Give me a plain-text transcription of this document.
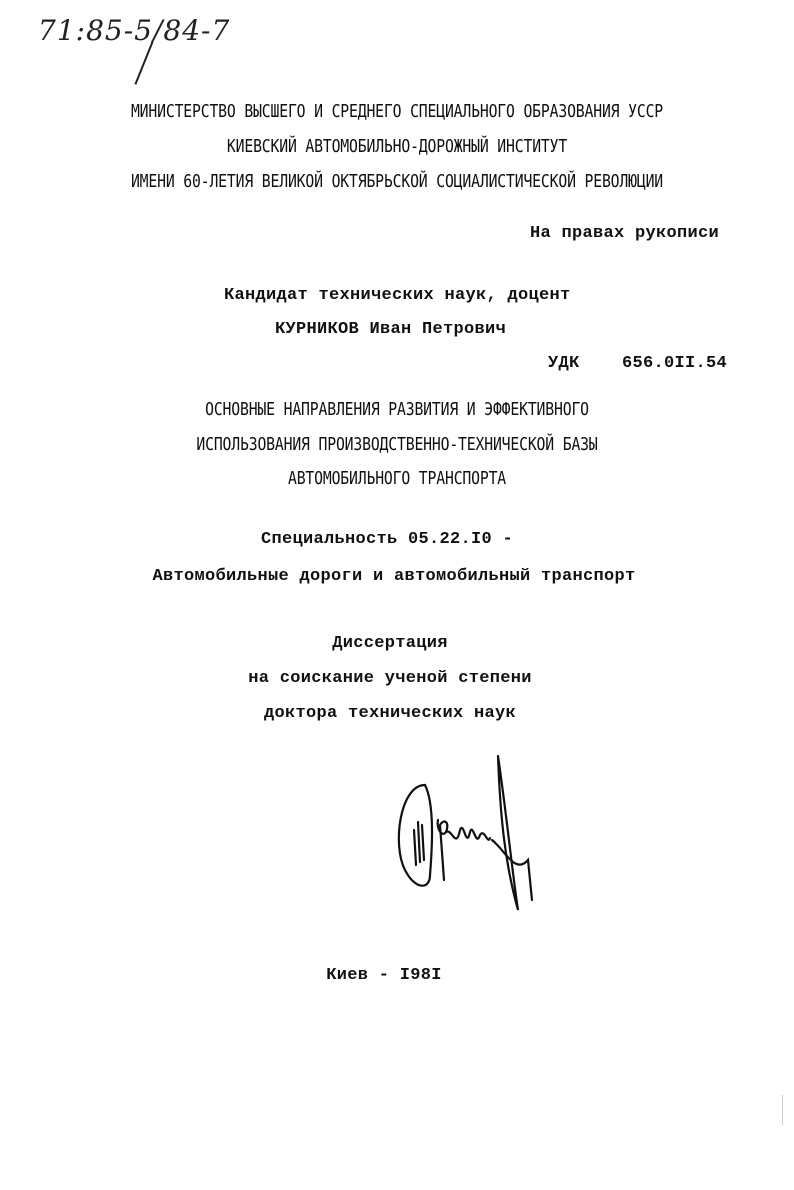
71:85-5/84-7
МИНИСТЕРСТВО ВЫСШЕГО И СРЕДНЕГО СПЕЦИАЛЬНОГО ОБРАЗОВАНИЯ УССР
КИЕВСКИЙ АВТОМОБИЛЬНО-ДОРОЖНЫЙ ИНСТИТУТ
ИМЕНИ 60-ЛЕТИЯ ВЕЛИКОЙ ОКТЯБРЬСКОЙ СОЦИАЛИСТИЧЕСКОЙ РЕВОЛЮЦИИ
На правах рукописи
Кандидат технических наук, доцент
КУРНИКОВ Иван Петрович
УДК 656.0II.54
ОСНОВНЫЕ НАПРАВЛЕНИЯ РАЗВИТИЯ И ЭФФЕКТИВНОГО
ИСПОЛЬЗОВАНИЯ ПРОИЗВОДСТВЕННО-ТЕХНИЧЕСКОЙ БАЗЫ
АВТОМОБИЛЬНОГО ТРАНСПОРТА
Специальность 05.22.I0 -
Автомобильные дороги и автомобильный транспорт
Диссертация
на соискание ученой степени
доктора технических наук
Киев - I98I
